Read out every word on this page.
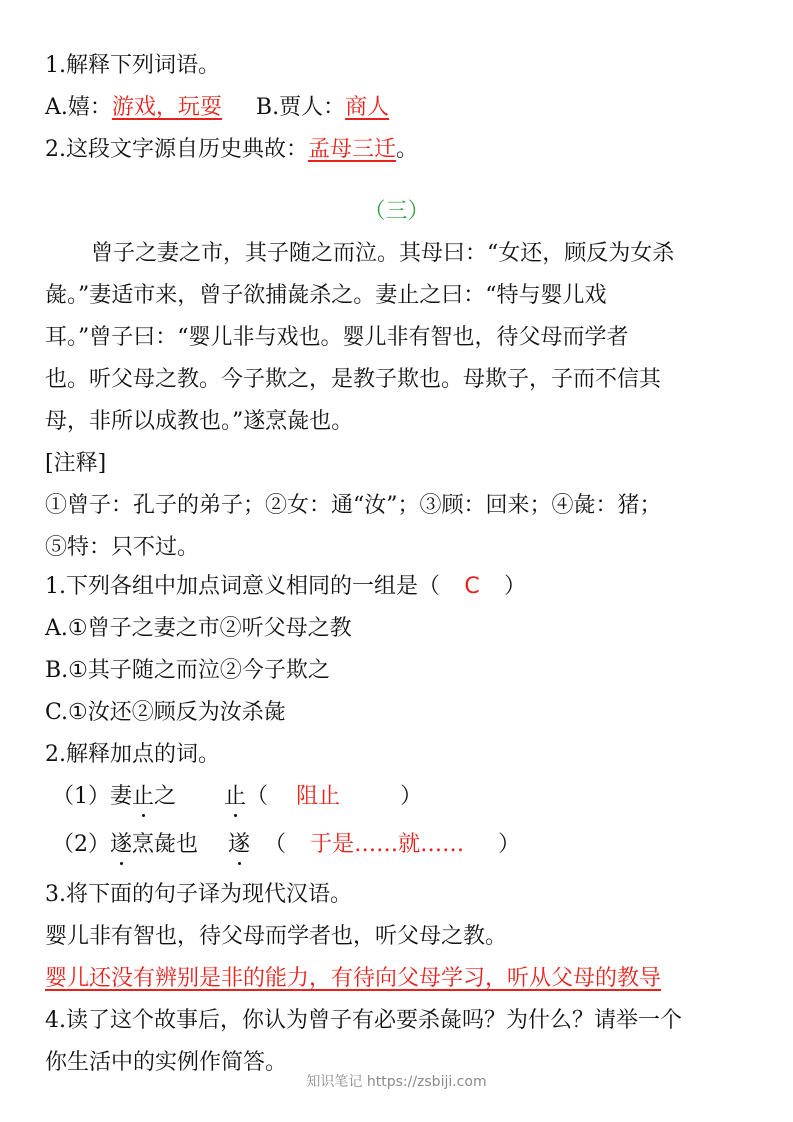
1.解释下列词语。
A.嬉：游戏，玩耍 B.贾人：商人
2.这段文字源自历史典故：孟母三迁。
（三）
曾子之妻之市，其子随之而泣。其母曰：“女还，顾反为女杀
彘。”妻适市来，曾子欲捕彘杀之。妻止之曰：“特与婴儿戏
耳。”曾子曰：“婴儿非与戏也。婴儿非有智也，待父母而学者
也。听父母之教。今子欺之，是教子欺也。母欺子，子而不信其
母，非所以成教也。”遂烹彘也。
[注释]
①曾子：孔子的弟子；②女：通“汝”；③顾：回来；④彘：猪；
⑤特：只不过。
1.下列各组中加点词意义相同的一组是（ C ）
A.①曾子之妻之市②听父母之教
B.①其子随之而泣②今子欺之
C.①汝还②顾反为汝杀彘
2.解释加点的词。
（1）妻止之 止（ 阻止	）
（2）遂烹彘也 遂 （ 于是……就…… ）
3.将下面的句子译为现代汉语。
婴儿非有智也，待父母而学者也，听父母之教。
婴儿还没有辨别是非的能力，有待向父母学习，听从父母的教导
4.读了这个故事后，你认为曾子有必要杀彘吗？为什么？请举一个
你生活中的实例作简答。
知识笔记 https://zsbiji.com
